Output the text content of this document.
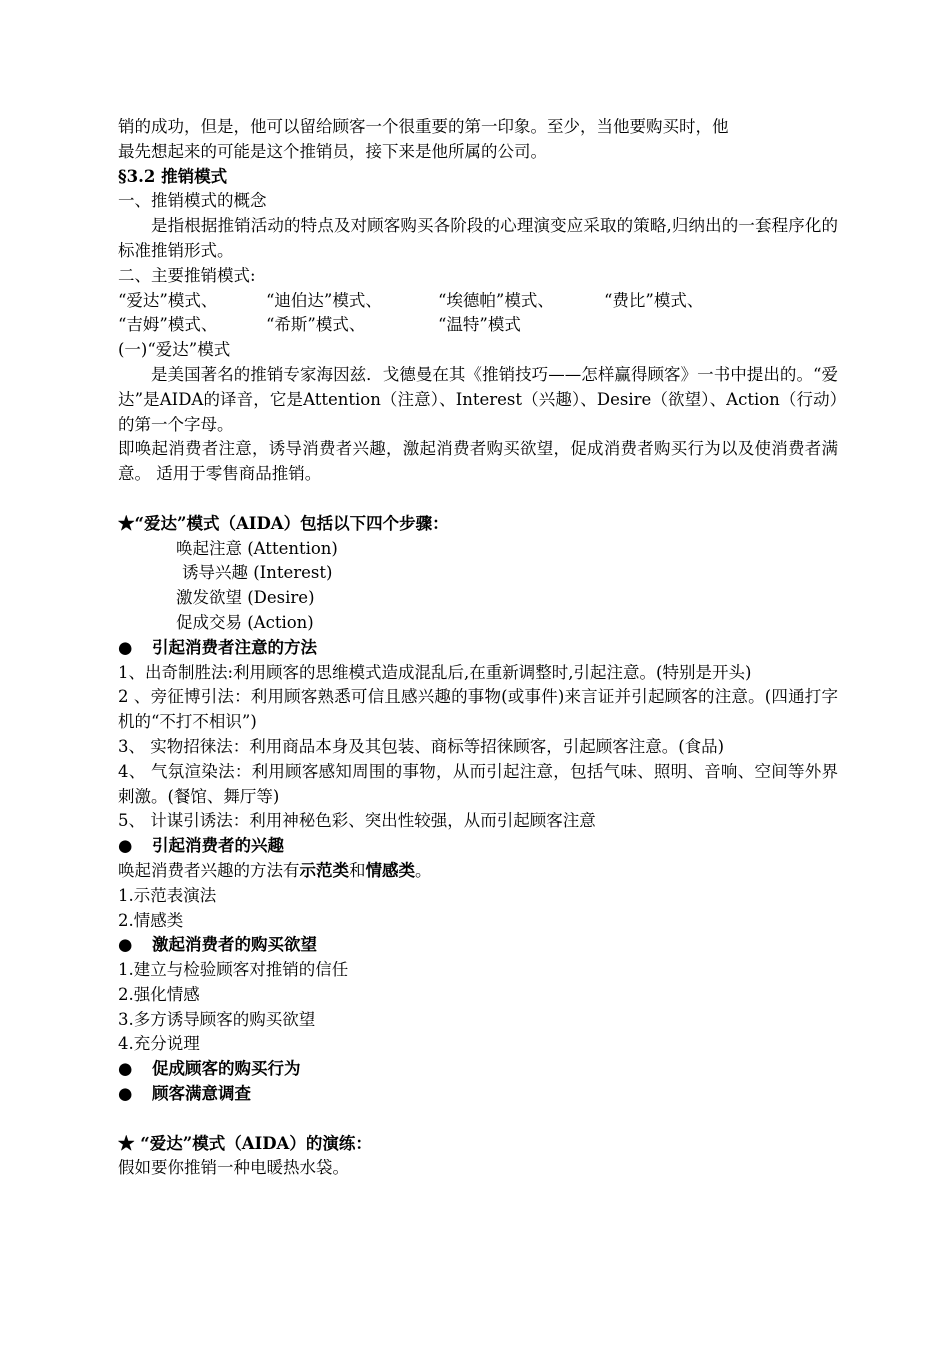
销的成功，但是，他可以留给顾客一个很重要的第一印象。至少，当他要购买时，他

最先想起来的可能是这个推销员，接下来是他所属的公司。

§3.2 推销模式

一、推销模式的概念

是指根据推销活动的特点及对顾客购买各阶段的心理演变应采取的策略,归纳出的一套程序化的标准推销形式。

二、主要推销模式:

“爱达”模式、	“迪伯达”模式、	“埃德帕”模式、	“费比”模式、

“吉姆”模式、	“希斯”模式、	“温特”模式

(一)“爱达”模式

是美国著名的推销专家海因兹．戈德曼在其《推销技巧——怎样赢得顾客》一书中提出的。“爱达”是AIDA的译音，它是Attention（注意）、Interest（兴趣）、Desire（欲望）、Action（行动）的第一个字母。

即唤起消费者注意，诱导消费者兴趣，激起消费者购买欲望，促成消费者购买行为以及使消费者满意。 适用于零售商品推销。

★“爱达”模式（AIDA）包括以下四个步骤：

唤起注意 (Attention)

诱导兴趣 (Interest)

激发欲望 (Desire)

促成交易 (Action)

● 引起消费者注意的方法

1、出奇制胜法:利用顾客的思维模式造成混乱后,在重新调整时,引起注意。(特别是开头)

2 、旁征博引法：利用顾客熟悉可信且感兴趣的事物(或事件)来言证并引起顾客的注意。(四通打字机的“不打不相识”)

3、 实物招徕法：利用商品本身及其包装、商标等招徕顾客，引起顾客注意。(食品)

4、 气氛渲染法：利用顾客感知周围的事物，从而引起注意，包括气味、照明、音响、空间等外界刺激。(餐馆、舞厅等)

5、 计谋引诱法：利用神秘色彩、突出性较强，从而引起顾客注意

● 引起消费者的兴趣

唤起消费者兴趣的方法有示范类和情感类。

1.示范表演法

2.情感类

● 激起消费者的购买欲望

1.建立与检验顾客对推销的信任

2.强化情感

3.多方诱导顾客的购买欲望

4.充分说理

● 促成顾客的购买行为

● 顾客满意调查

★ “爱达”模式（AIDA）的演练：

假如要你推销一种电暖热水袋。
